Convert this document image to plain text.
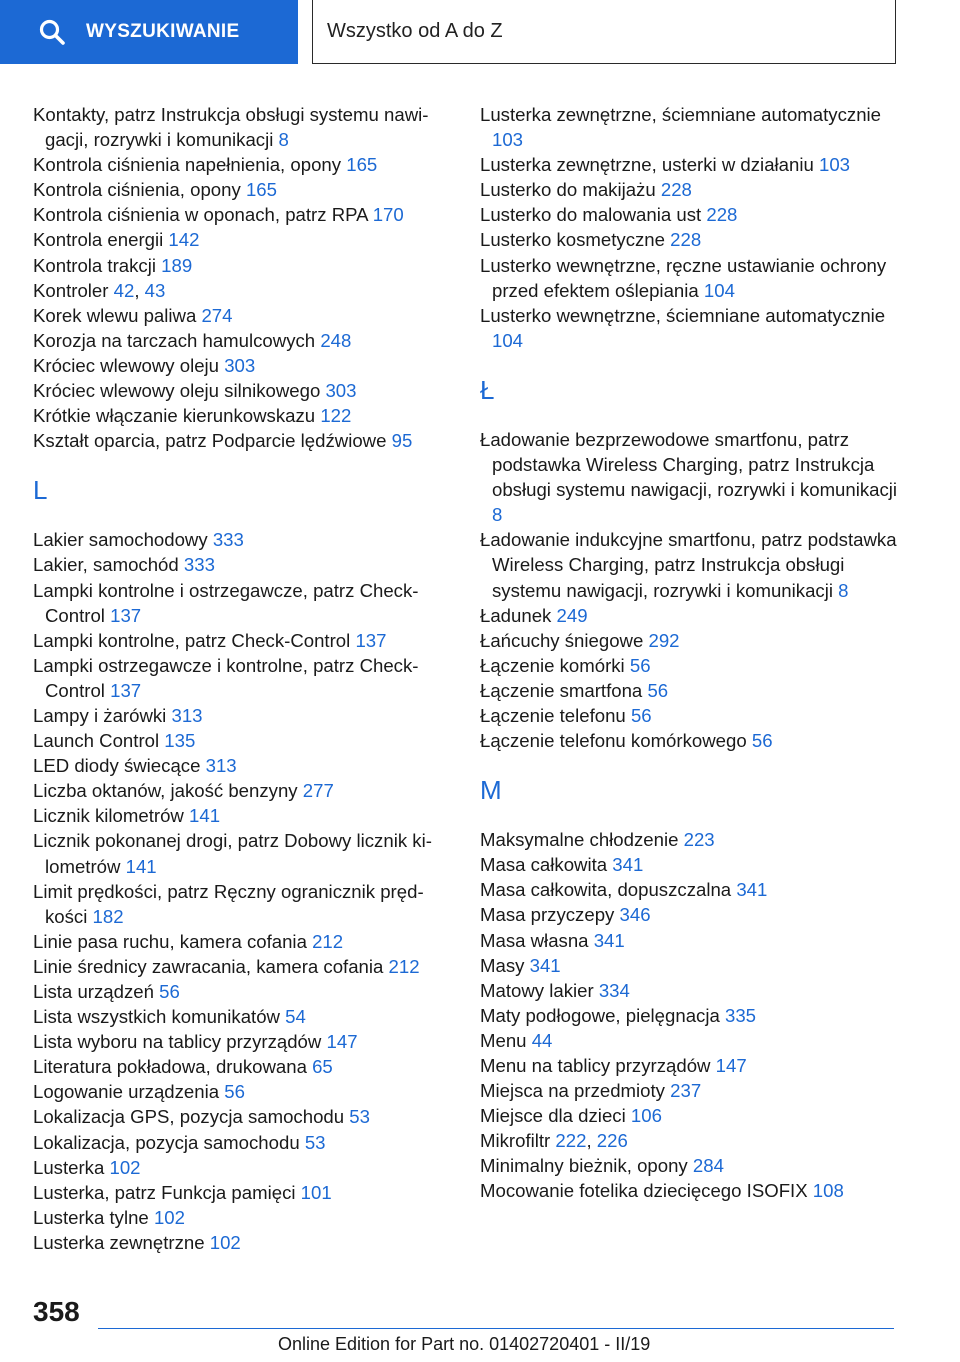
WYSZUKIWANIE	Wszystko od A do Z
Kontakty, patrz Instrukcja obsługi systemu nawigacji, rozrywki i komunikacji 8
Kontrola ciśnienia napełnienia, opony 165
Kontrola ciśnienia, opony 165
Kontrola ciśnienia w oponach, patrz RPA 170
Kontrola energii 142
Kontrola trakcji 189
Kontroler 42, 43
Korek wlewu paliwa 274
Korozja na tarczach hamulcowych 248
Króciec wlewowy oleju 303
Króciec wlewowy oleju silnikowego 303
Krótkie włączanie kierunkowskazu 122
Kształt oparcia, patrz Podparcie lędźwiowe 95
L
Lakier samochodowy 333
Lakier, samochód 333
Lampki kontrolne i ostrzegawcze, patrz Check-Control 137
Lampki kontrolne, patrz Check-Control 137
Lampki ostrzegawcze i kontrolne, patrz Check-Control 137
Lampy i żarówki 313
Launch Control 135
LED diody świecące 313
Liczba oktanów, jakość benzyny 277
Licznik kilometrów 141
Licznik pokonanej drogi, patrz Dobowy licznik kilometrów 141
Limit prędkości, patrz Ręczny ogranicznik prędkości 182
Linie pasa ruchu, kamera cofania 212
Linie średnicy zawracania, kamera cofania 212
Lista urządzeń 56
Lista wszystkich komunikatów 54
Lista wyboru na tablicy przyrządów 147
Literatura pokładowa, drukowana 65
Logowanie urządzenia 56
Lokalizacja GPS, pozycja samochodu 53
Lokalizacja, pozycja samochodu 53
Lusterka 102
Lusterka, patrz Funkcja pamięci 101
Lusterka tylne 102
Lusterka zewnętrzne 102
Lusterka zewnętrzne, ściemniane automatycznie 103
Lusterka zewnętrzne, usterki w działaniu 103
Lusterko do makijażu 228
Lusterko do malowania ust 228
Lusterko kosmetyczne 228
Lusterko wewnętrzne, ręczne ustawianie ochrony przed efektem oślepiania 104
Lusterko wewnętrzne, ściemniane automatycznie 104
Ł
Ładowanie bezprzewodowe smartfonu, patrz podstawka Wireless Charging, patrz Instrukcja obsługi systemu nawigacji, rozrywki i komunikacji 8
Ładowanie indukcyjne smartfonu, patrz podstawka Wireless Charging, patrz Instrukcja obsługi systemu nawigacji, rozrywki i komunikacji 8
Ładunek 249
Łańcuchy śniegowe 292
Łączenie komórki 56
Łączenie smartfona 56
Łączenie telefonu 56
Łączenie telefonu komórkowego 56
M
Maksymalne chłodzenie 223
Masa całkowita 341
Masa całkowita, dopuszczalna 341
Masa przyczepy 346
Masa własna 341
Masy 341
Matowy lakier 334
Maty podłogowe, pielęgnacja 335
Menu 44
Menu na tablicy przyrządów 147
Miejsca na przedmioty 237
Miejsce dla dzieci 106
Mikrofiltr 222, 226
Minimalny bieżnik, opony 284
Mocowanie fotelika dziecięcego ISOFIX 108
358
Online Edition for Part no. 01402720401 - II/19
